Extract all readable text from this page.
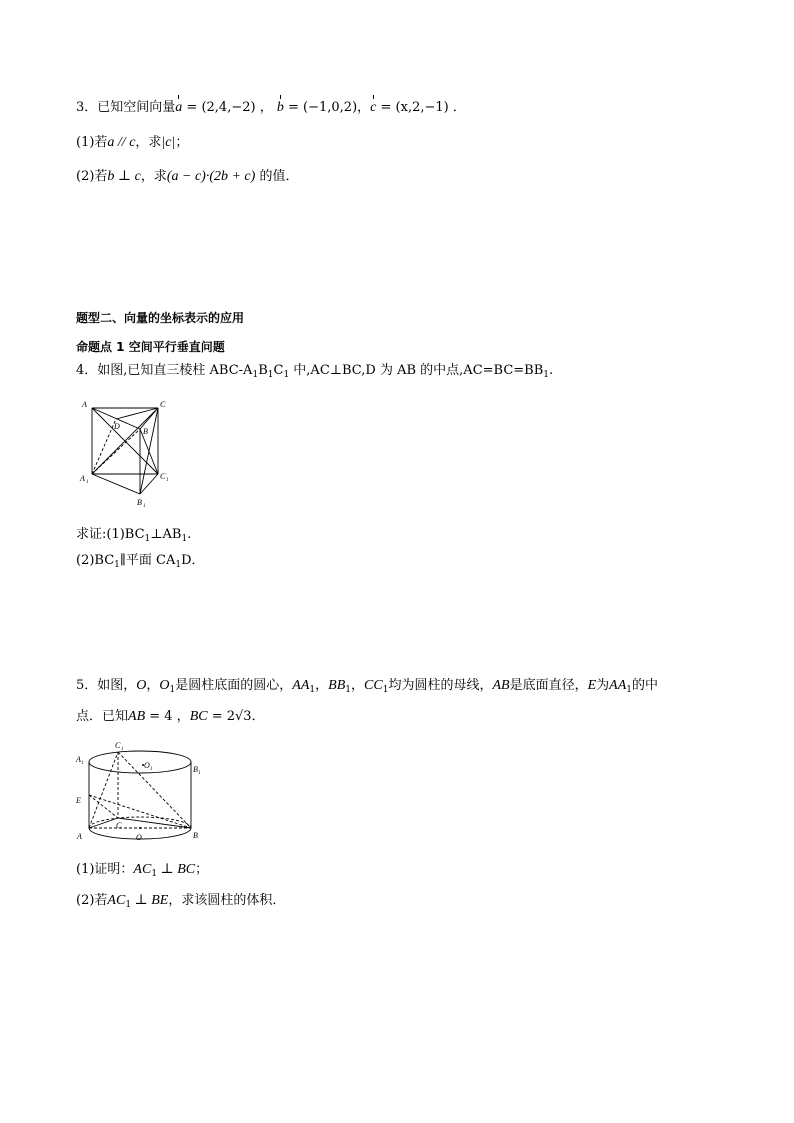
3．已知空间向量a = (2,4,−2) ， b = (−1,0,2)，c = (x,2,−1) ．
(1)若a // c，求|c|；
(2)若b ⊥ c，求(a − c)·(2b + c) 的值．
题型二、向量的坐标表示的应用
命题点 1 空间平行垂直问题
4．如图,已知直三棱柱 ABC-$A_1B_1C_1$ 中,AC⊥BC,D 为 AB 的中点$,AC=BC=BB_1$.
A	C
D
B
A 1
C 1
B 1
求证$:(1)BC_1\perp AB_1$.
$(2)BC_1\parallel$平面 $CA_1D$．
5．如图，O，$O_1$是圆柱底面的圆心，$AA_1$，$BB_1$，$CC_1$均为圆柱的母线，AB是底面直径，E为$AA_1$的中
点．已知AB = 4 ，BC = 2√3．
C 1
A 1	O 1	B 1
E
A
C
O	B
(1)证明：$AC_1$ ⊥ BC；
(2)若$AC_1$ ⊥ BE，求该圆柱的体积．
